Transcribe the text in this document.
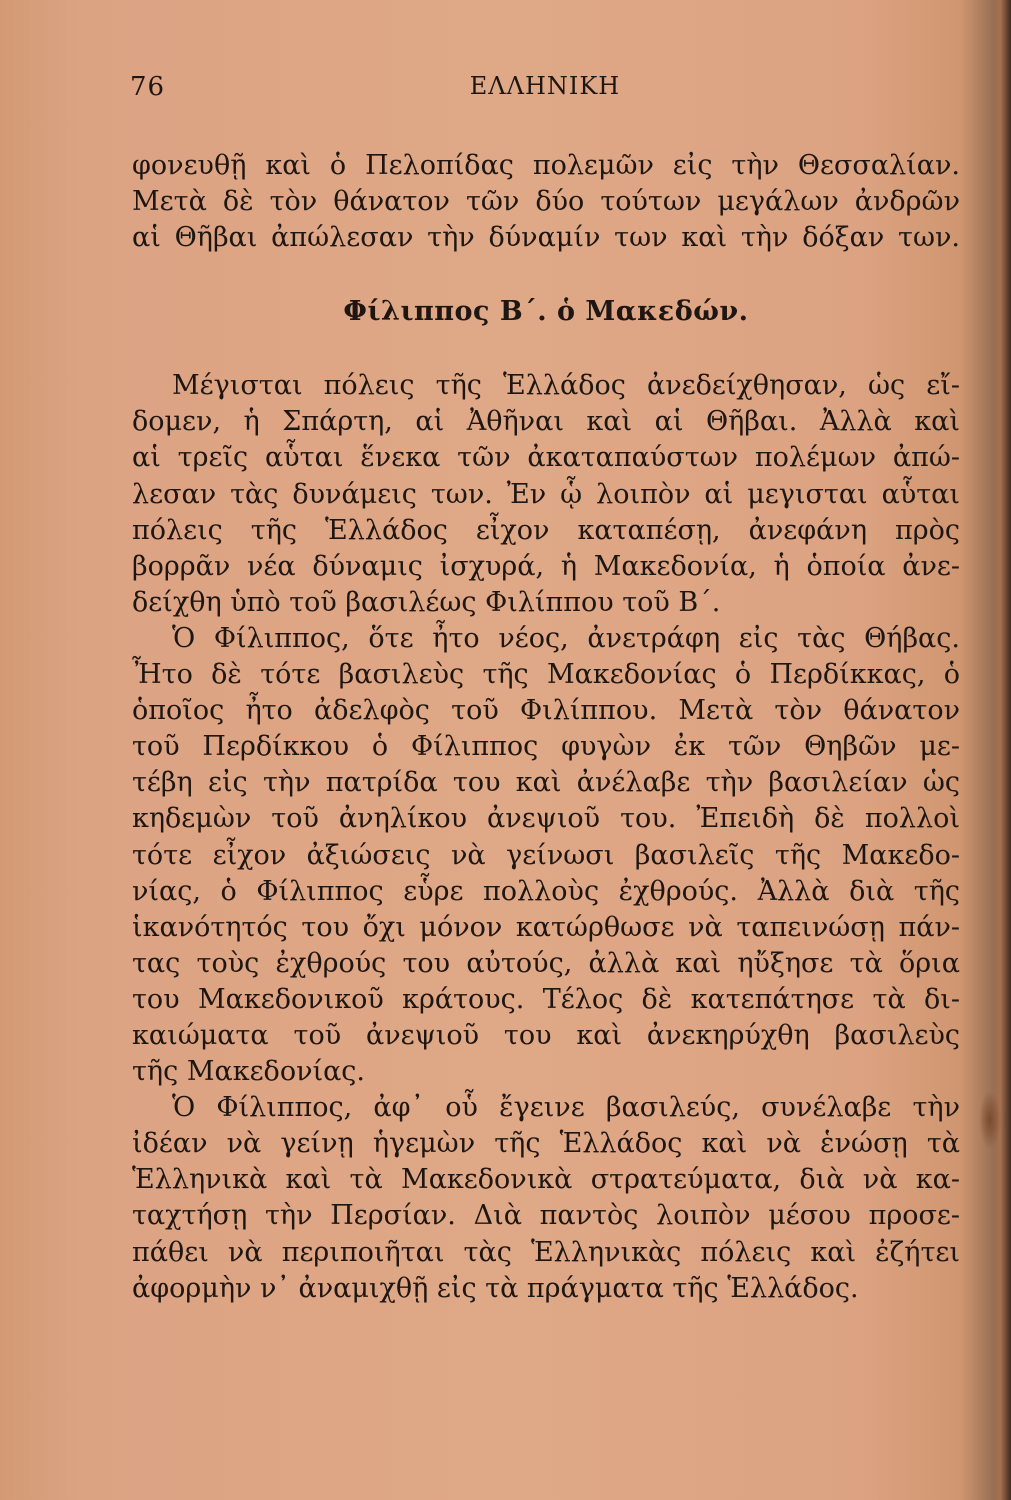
76	ΕΛΛΗΝΙΚΗ
φονευθῇ καὶ ὁ Πελοπίδας πολεμῶν εἰς τὴν Θεσσαλίαν.
Μετὰ δὲ τὸν θάνατον τῶν δύο τούτων μεγάλων ἀνδρῶν
αἱ Θῆβαι ἀπώλεσαν τὴν δύναμίν των καὶ τὴν δόξαν των.
Φίλιππος Β΄. ὁ Μακεδών.
Μέγισται πόλεις τῆς Ἑλλάδος ἀνεδείχθησαν, ὡς εἴ-
δομεν, ἡ Σπάρτη, αἱ Ἀθῆναι καὶ αἱ Θῆβαι. Ἀλλὰ καὶ
αἱ τρεῖς αὗται ἕνεκα τῶν ἀκαταπαύστων πολέμων ἀπώ-
λεσαν τὰς δυνάμεις των. Ἐν ᾧ λοιπὸν αἱ μεγισται αὗται
πόλεις τῆς Ἑλλάδος εἶχον καταπέσῃ, ἀνεφάνη πρὸς
βορρᾶν νέα δύναμις ἰσχυρά, ἡ Μακεδονία, ἡ ὁποία ἀνε-
δείχθη ὑπὸ τοῦ βασιλέως Φιλίππου τοῦ Β΄.
Ὁ Φίλιππος, ὅτε ἦτο νέος, ἀνετράφη εἰς τὰς Θήβας.
Ἦτο δὲ τότε βασιλεὺς τῆς Μακεδονίας ὁ Περδίκκας, ὁ
ὁποῖος ἦτο ἀδελφὸς τοῦ Φιλίππου. Μετὰ τὸν θάνατον
τοῦ Περδίκκου ὁ Φίλιππος φυγὼν ἐκ τῶν Θηβῶν με-
τέβη εἰς τὴν πατρίδα του καὶ ἀνέλαβε τὴν βασιλείαν ὡς
κηδεμὼν τοῦ ἀνηλίκου ἀνεψιοῦ του. Ἐπειδὴ δὲ πολλοὶ
τότε εἶχον ἀξιώσεις νὰ γείνωσι βασιλεῖς τῆς Μακεδο-
νίας, ὁ Φίλιππος εὗρε πολλοὺς ἐχθρούς. Ἀλλὰ διὰ τῆς
ἱκανότητός του ὄχι μόνον κατώρθωσε νὰ ταπεινώσῃ πάν-
τας τοὺς ἐχθρούς του αὐτούς, ἀλλὰ καὶ ηὔξησε τὰ ὅρια
του Μακεδονικοῦ κράτους. Τέλος δὲ κατεπάτησε τὰ δι-
καιώματα τοῦ ἀνεψιοῦ του καὶ ἀνεκηρύχθη βασιλεὺς
τῆς Μακεδονίας.
Ὁ Φίλιππος, ἀφ᾽ οὗ ἔγεινε βασιλεύς, συνέλαβε τὴν
ἰδέαν νὰ γείνῃ ἡγεμὼν τῆς Ἑλλάδος καὶ νὰ ἑνώσῃ τὰ
Ἑλληνικὰ καὶ τὰ Μακεδονικὰ στρατεύματα, διὰ νὰ κα-
ταχτήσῃ τὴν Περσίαν. Διὰ παντὸς λοιπὸν μέσου προσε-
πάθει νὰ περιποιῆται τὰς Ἑλληνικὰς πόλεις καὶ ἐζήτει
ἀφορμὴν ν᾽ ἀναμιχθῇ εἰς τὰ πράγματα τῆς Ἑλλάδος.
